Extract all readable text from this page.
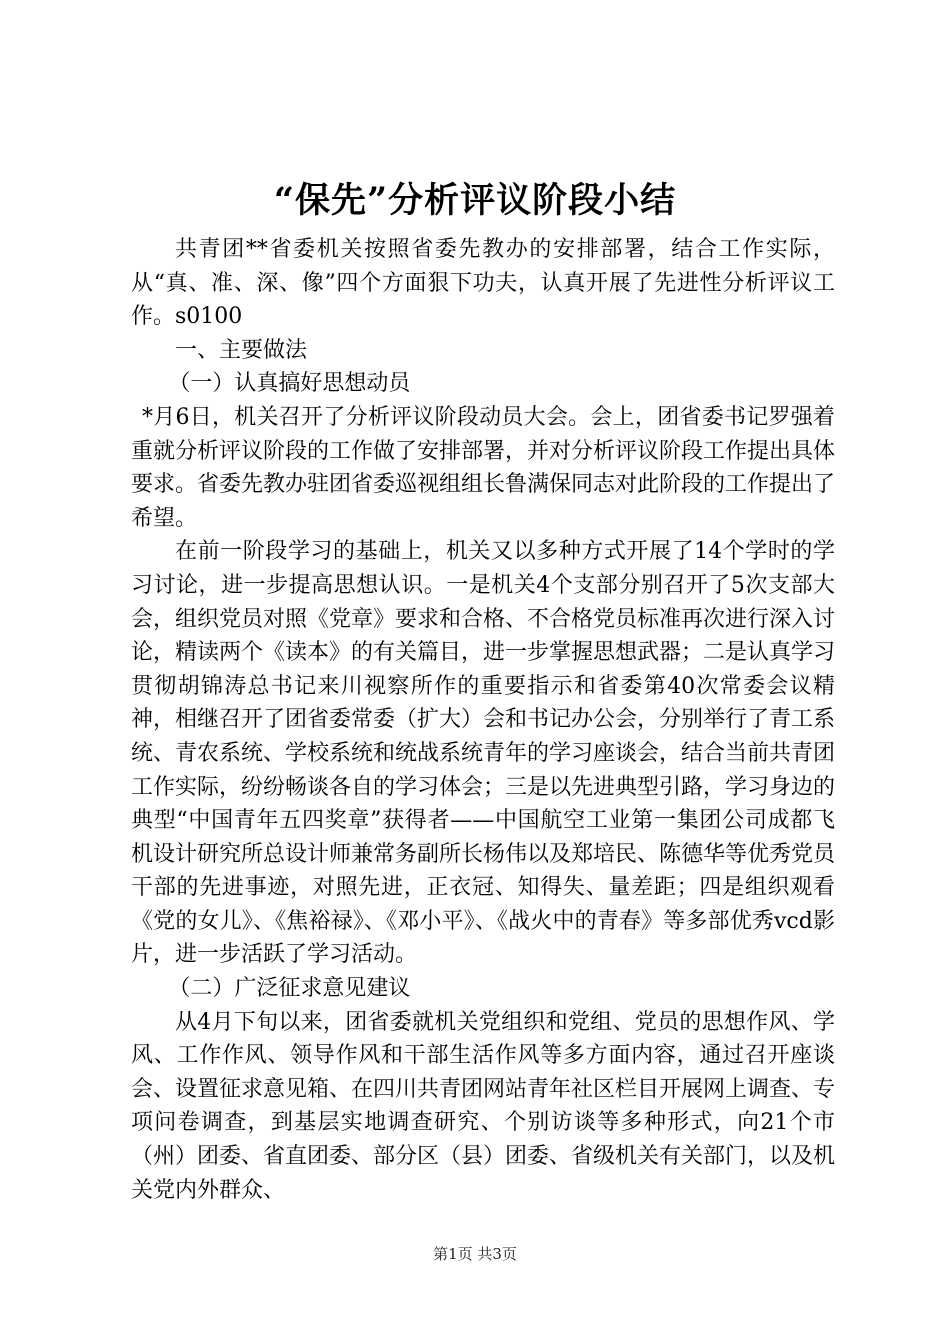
“保先”分析评议阶段小结

共青团**省委机关按照省委先教办的安排部署，结合工作实际，从“真、准、深、像”四个方面狠下功夫，认真开展了先进性分析评议工作。s0100

一、主要做法

（一）认真搞好思想动员

*月6日，机关召开了分析评议阶段动员大会。会上，团省委书记罗强着重就分析评议阶段的工作做了安排部署，并对分析评议阶段工作提出具体要求。省委先教办驻团省委巡视组组长鲁满保同志对此阶段的工作提出了希望。

在前一阶段学习的基础上，机关又以多种方式开展了14个学时的学习讨论，进一步提高思想认识。一是机关4个支部分别召开了5次支部大会，组织党员对照《党章》要求和合格、不合格党员标准再次进行深入讨论，精读两个《读本》的有关篇目，进一步掌握思想武器；二是认真学习贯彻胡锦涛总书记来川视察所作的重要指示和省委第40次常委会议精神，相继召开了团省委常委（扩大）会和书记办公会，分别举行了青工系统、青农系统、学校系统和统战系统青年的学习座谈会，结合当前共青团工作实际，纷纷畅谈各自的学习体会；三是以先进典型引路，学习身边的典型“中国青年五四奖章”获得者——中国航空工业第一集团公司成都飞机设计研究所总设计师兼常务副所长杨伟以及郑培民、陈德华等优秀党员干部的先进事迹，对照先进，正衣冠、知得失、量差距；四是组织观看《党的女儿》、《焦裕禄》、《邓小平》、《战火中的青春》等多部优秀vcd影片，进一步活跃了学习活动。

（二）广泛征求意见建议

从4月下旬以来，团省委就机关党组织和党组、党员的思想作风、学风、工作作风、领导作风和干部生活作风等多方面内容，通过召开座谈会、设置征求意见箱、在四川共青团网站青年社区栏目开展网上调查、专项问卷调查，到基层实地调查研究、个别访谈等多种形式，向21个市（州）团委、省直团委、部分区（县）团委、省级机关有关部门，以及机关党内外群众、

第1页 共3页
